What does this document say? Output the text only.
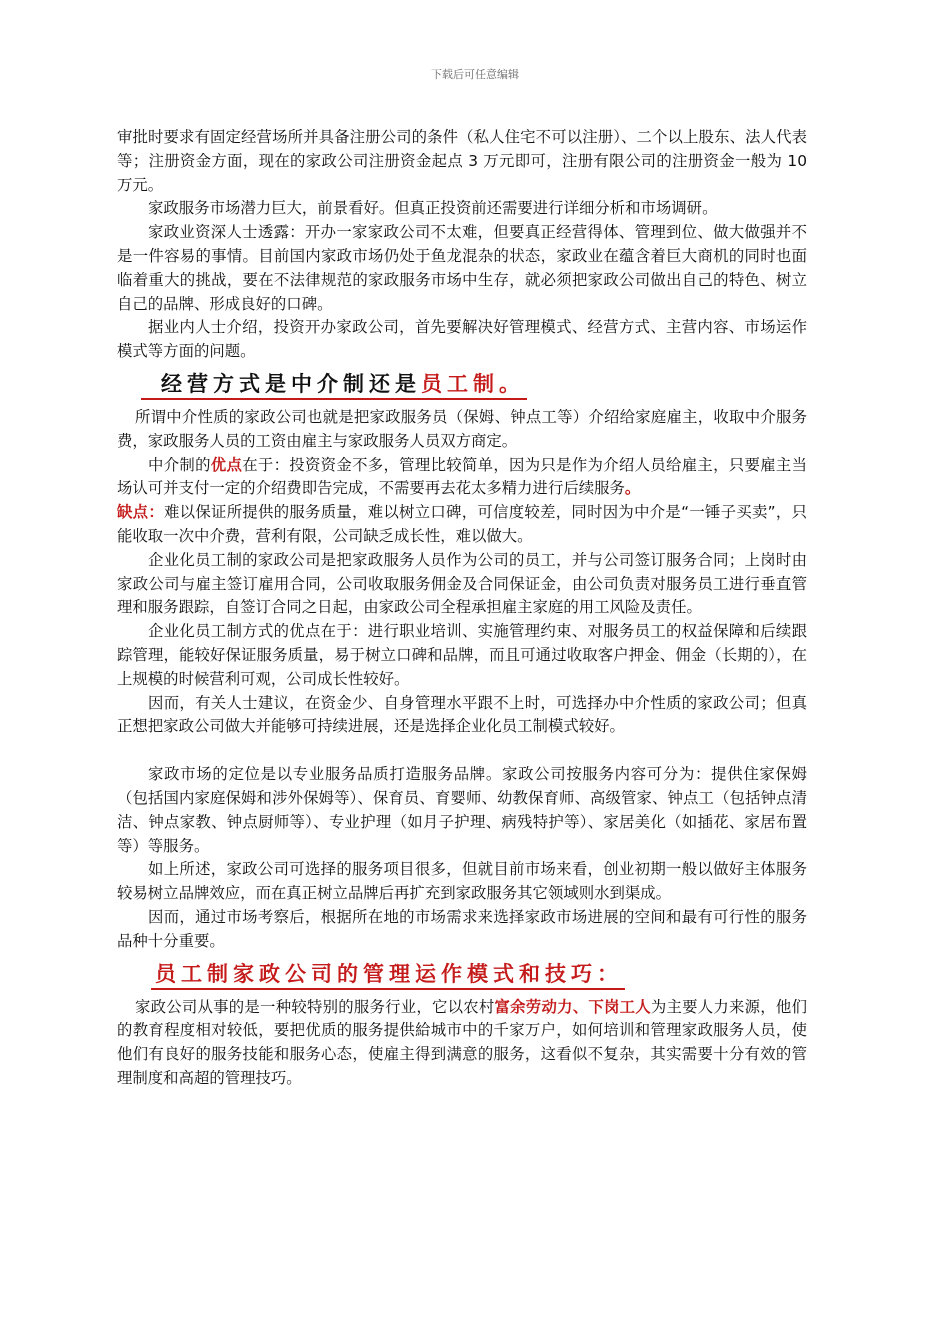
下载后可任意编辑

审批时要求有固定经营场所并具备注册公司的条件（私人住宅不可以注册）、二个以上股东、法人代表等；注册资金方面，现在的家政公司注册资金起点 3 万元即可，注册有限公司的注册资金一般为 10 万元。

家政服务市场潜力巨大，前景看好。但真正投资前还需要进行详细分析和市场调研。

家政业资深人士透露：开办一家家政公司不太难，但要真正经营得体、管理到位、做大做强并不是一件容易的事情。目前国内家政市场仍处于鱼龙混杂的状态，家政业在蕴含着巨大商机的同时也面临着重大的挑战，要在不法律规范的家政服务市场中生存，就必须把家政公司做出自己的特色、树立自己的品牌、形成良好的口碑。

据业内人士介绍，投资开办家政公司，首先要解决好管理模式、经营方式、主营内容、市场运作模式等方面的问题。

经营方式是中介制还是员工制。

所谓中介性质的家政公司也就是把家政服务员（保姆、钟点工等）介绍给家庭雇主，收取中介服务费，家政服务人员的工资由雇主与家政服务人员双方商定。

中介制的优点在于：投资资金不多，管理比较简单，因为只是作为介绍人员给雇主，只要雇主当场认可并支付一定的介绍费即告完成，不需要再去花太多精力进行后续服务。

缺点：难以保证所提供的服务质量，难以树立口碑，可信度较差，同时因为中介是“一锤子买卖”，只能收取一次中介费，营利有限，公司缺乏成长性，难以做大。

企业化员工制的家政公司是把家政服务人员作为公司的员工，并与公司签订服务合同；上岗时由家政公司与雇主签订雇用合同，公司收取服务佣金及合同保证金，由公司负责对服务员工进行垂直管理和服务跟踪，自签订合同之日起，由家政公司全程承担雇主家庭的用工风险及责任。

企业化员工制方式的优点在于：进行职业培训、实施管理约束、对服务员工的权益保障和后续跟踪管理，能较好保证服务质量，易于树立口碑和品牌，而且可通过收取客户押金、佣金（长期的），在上规模的时候营利可观，公司成长性较好。

因而，有关人士建议，在资金少、自身管理水平跟不上时，可选择办中介性质的家政公司；但真正想把家政公司做大并能够可持续进展，还是选择企业化员工制模式较好。

家政市场的定位是以专业服务品质打造服务品牌。家政公司按服务内容可分为：提供住家保姆（包括国内家庭保姆和涉外保姆等）、保育员、育婴师、幼教保育师、高级管家、钟点工（包括钟点清洁、钟点家教、钟点厨师等）、专业护理（如月子护理、病残特护等）、家居美化（如插花、家居布置等）等服务。

如上所述，家政公司可选择的服务项目很多，但就目前市场来看，创业初期一般以做好主体服务较易树立品牌效应，而在真正树立品牌后再扩充到家政服务其它领域则水到渠成。

因而，通过市场考察后，根据所在地的市场需求来选择家政市场进展的空间和最有可行性的服务品种十分重要。

员工制家政公司的管理运作模式和技巧：

家政公司从事的是一种较特别的服务行业，它以农村富余劳动力、下岗工人为主要人力来源，他们的教育程度相对较低，要把优质的服务提供給城市中的千家万户，如何培训和管理家政服务人员，使他们有良好的服务技能和服务心态，使雇主得到满意的服务，这看似不复杂，其实需要十分有效的管理制度和高超的管理技巧。
